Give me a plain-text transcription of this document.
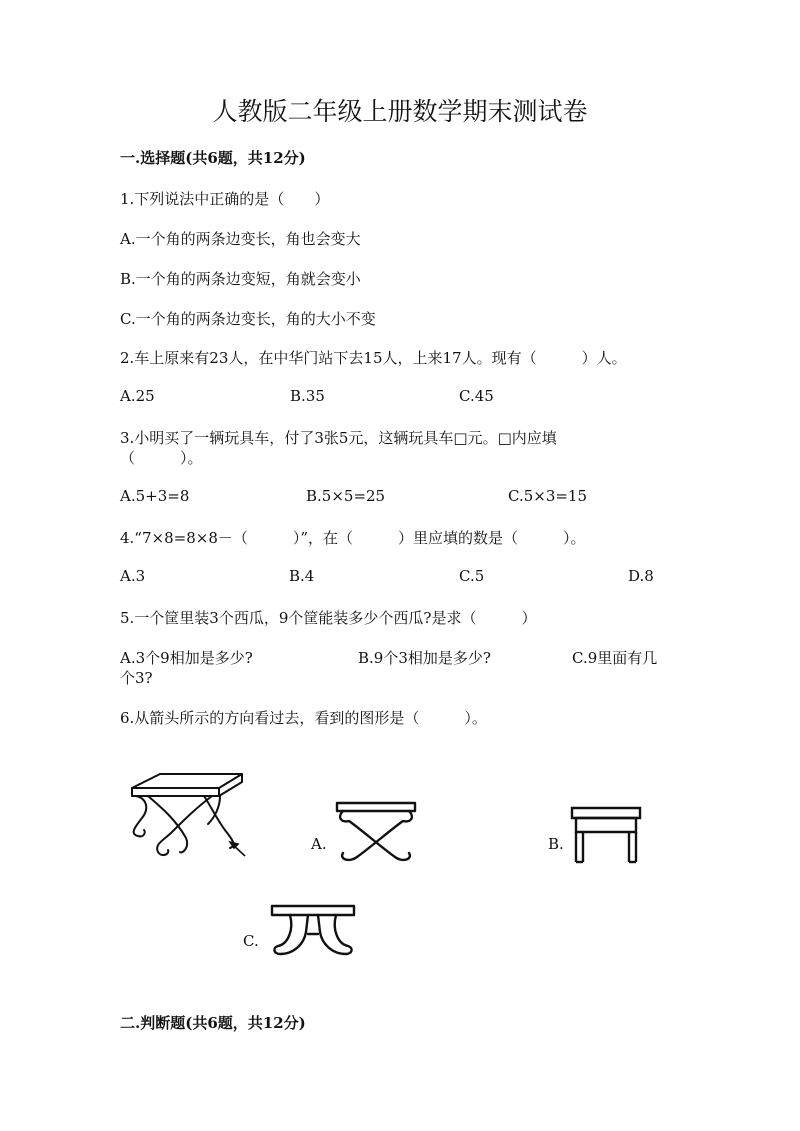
人教版二年级上册数学期末测试卷
一.选择题(共6题，共12分)
1.下列说法中正确的是（　　）
A.一个角的两条边变长，角也会变大
B.一个角的两条边变短，角就会变小
C.一个角的两条边变长，角的大小不变
2.车上原来有23人，在中华门站下去15人，上来17人。现有（　　　）人。
A.25	B.35	C.45
3.小明买了一辆玩具车，付了3张5元，这辆玩具车□元。□内应填
（　　　）。
A.5+3=8	B.5×5=25	C.5×3=15
4.“7×8=8×8－（　　　）”，在（　　　）里应填的数是（　　　）。
A.3	B.4	C.5	D.8
5.一个筐里装3个西瓜，9个筐能装多少个西瓜?是求（　　　）
A.3个9相加是多少?	B.9个3相加是多少?	C.9里面有几
个3?
6.从箭头所示的方向看过去，看到的图形是（　　　）。
A.	B.
C.
二.判断题(共6题，共12分)
